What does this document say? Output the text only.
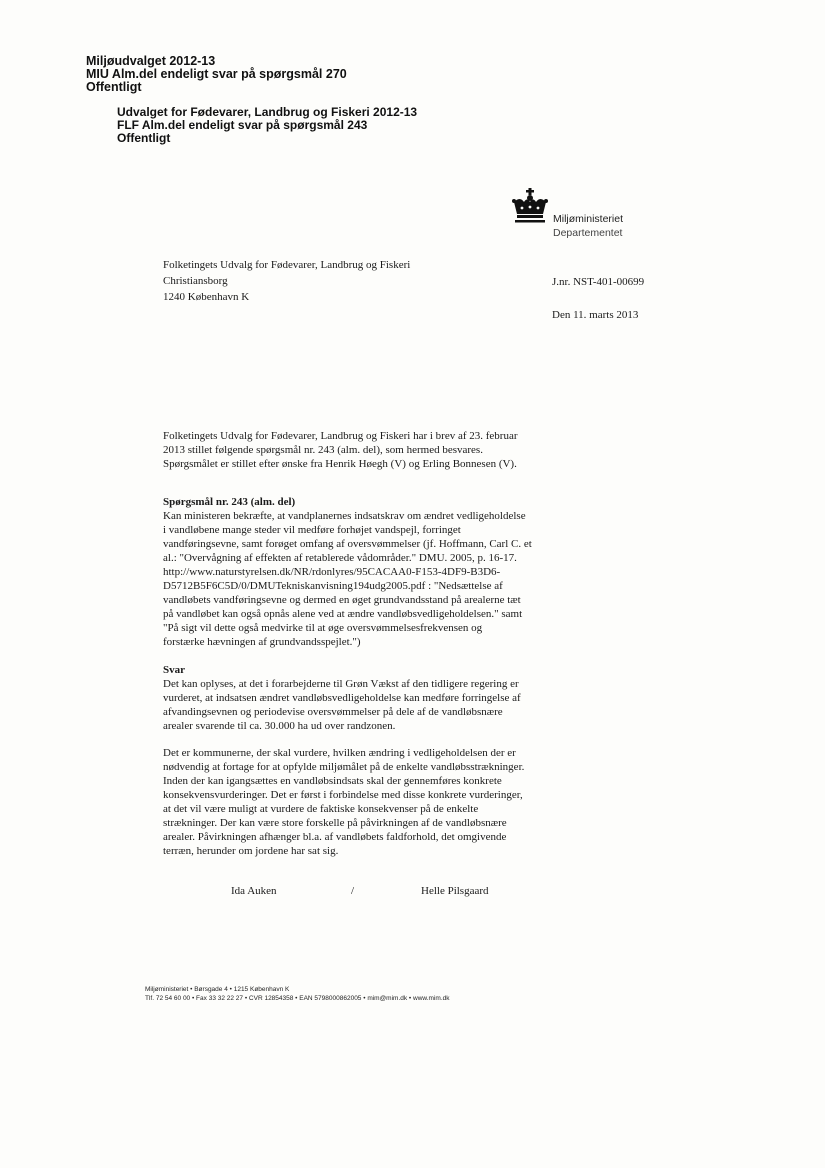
Miljøudvalget 2012-13
MIU Alm.del endeligt svar på spørgsmål 270
Offentligt
Udvalget for Fødevarer, Landbrug og Fiskeri 2012-13
FLF Alm.del endeligt svar på spørgsmål 243
Offentligt
Miljøministeriet
Departementet
Folketingets Udvalg for Fødevarer, Landbrug og Fiskeri
Christiansborg
1240 København K
J.nr. NST-401-00699
Den 11. marts 2013
Folketingets Udvalg for Fødevarer, Landbrug og Fiskeri har i brev af 23. februar
2013 stillet følgende spørgsmål nr. 243 (alm. del), som hermed besvares.
Spørgsmålet er stillet efter ønske fra Henrik Høegh (V) og Erling Bonnesen (V).
Spørgsmål nr. 243 (alm. del)
Kan ministeren bekræfte, at vandplanernes indsatskrav om ændret vedligeholdelse
i vandløbene mange steder vil medføre forhøjet vandspejl, forringet
vandføringsevne, samt forøget omfang af oversvømmelser (jf. Hoffmann, Carl C. et
al.: "Overvågning af effekten af retablerede vådområder." DMU. 2005, p. 16-17.
http://www.naturstyrelsen.dk/NR/rdonlyres/95CACAA0-F153-4DF9-B3D6-
D5712B5F6C5D/0/DMUTekniskanvisning194udg2005.pdf : "Nedsættelse af
vandløbets vandføringsevne og dermed en øget grundvandsstand på arealerne tæt
på vandløbet kan også opnås alene ved at ændre vandløbsvedligeholdelsen." samt
"På sigt vil dette også medvirke til at øge oversvømmelsesfrekvensen og
forstærke hævningen af grundvandsspejlet.")
Svar
Det kan oplyses, at det i forarbejderne til Grøn Vækst af den tidligere regering er
vurderet, at indsatsen ændret vandløbsvedligeholdelse kan medføre forringelse af
afvandingsevnen og periodevise oversvømmelser på dele af de vandløbsnære
arealer svarende til ca. 30.000 ha ud over randzonen.
Det er kommunerne, der skal vurdere, hvilken ændring i vedligeholdelsen der er
nødvendig at fortage for at opfylde miljømålet på de enkelte vandløbsstrækninger.
Inden der kan igangsættes en vandløbsindsats skal der gennemføres konkrete
konsekvensvurderinger. Det er først i forbindelse med disse konkrete vurderinger,
at det vil være muligt at vurdere de faktiske konsekvenser på de enkelte
strækninger. Der kan være store forskelle på påvirkningen af de vandløbsnære
arealer. Påvirkningen afhænger bl.a. af vandløbets faldforhold, det omgivende
terræn, herunder om jordene har sat sig.
Ida Auken	/	Helle Pilsgaard
Miljøministeriet • Børsgade 4 • 1215 København K
Tlf. 72 54 60 00 • Fax 33 32 22 27 • CVR 12854358 • EAN 5798000862005 • mim@mim.dk • www.mim.dk
